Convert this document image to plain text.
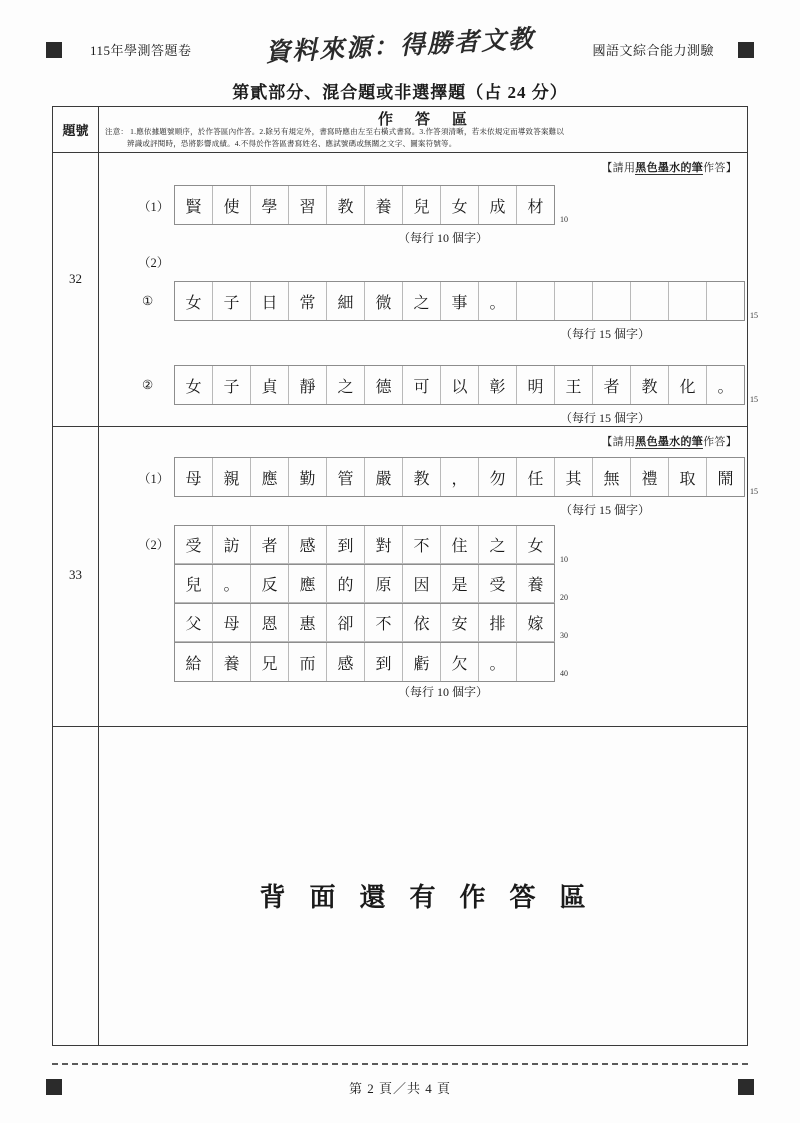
115年學測答題卷	資料來源：得勝者文教	國語文綜合能力測驗
第貳部分、混合題或非選擇題（占 24 分）
題號
作答區
注意： 1.應依據題號順序，於作答區內作答。2.除另有規定外，書寫時應由左至右橫式書寫。3.作答須清晰，若未依規定而導致答案難以
辨識或評閱時，恐將影響成績。4.不得於作答區書寫姓名、應試號碼或無關之文字、圖案符號等。
32
【請用黑色墨水的筆作答】
（1） 賢 使 學 習 教 養 兒 女 成 材
10
（每行 10 個字）
（2）
① 女 子 日 常 細 微 之 事 。
15
（每行 15 個字）
② 女 子 貞 靜 之 德 可 以 彰 明 王 者 教 化 。
15
（每行 15 個字）
33
【請用黑色墨水的筆作答】
（1） 母 親 應 勤 管 嚴 教 ， 勿 任 其 無 禮 取 鬧
15
（每行 15 個字）
（2） 受 訪 者 感 到 對 不 住 之 女
兒 。 反 應 的 原 因 是 受 養
父 母 恩 惠 卻 不 依 安 排 嫁
給 養 兄 而 感 到 虧 欠 。
10
20
30
40
（每行 10 個字）
背面還有作答區
第 2 頁／共 4 頁
